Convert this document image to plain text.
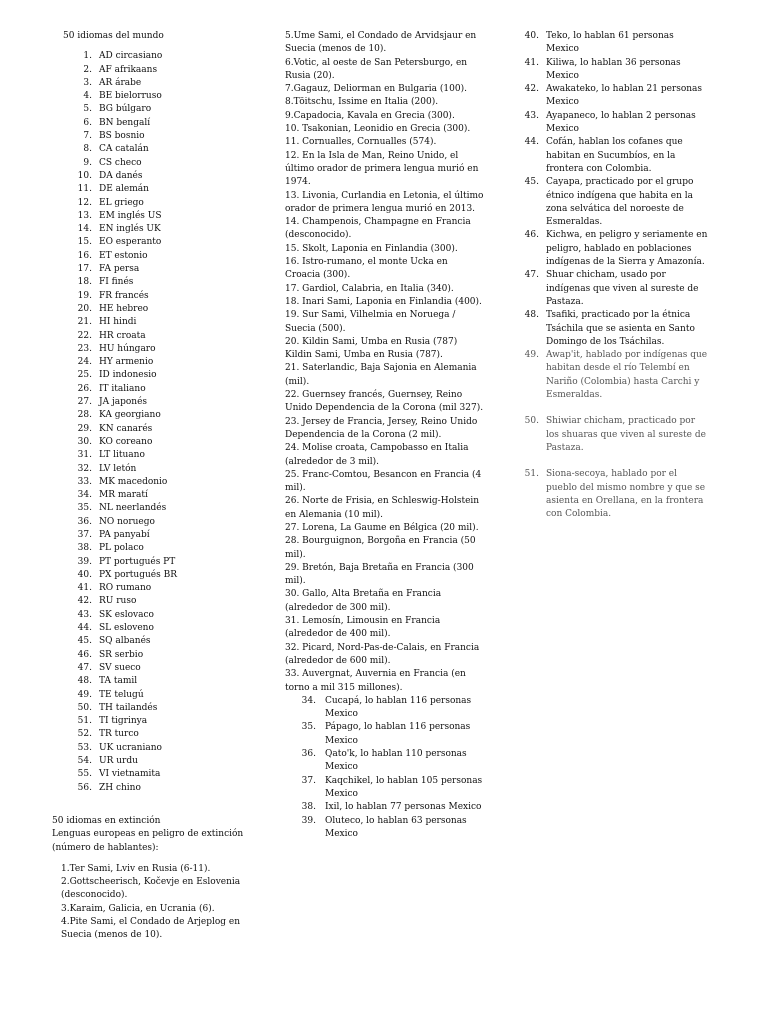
50 idiomas del mundo
1. AD circasiano
2. AF afrikaans
3. AR árabe
4. BE bielorruso
5. BG búlgaro
6. BN bengalí
7. BS bosnio
8. CA catalán
9. CS checo
10. DA danés
11. DE alemán
12. EL griego
13. EM inglés US
14. EN inglés UK
15. EO esperanto
16. ET estonio
17. FA persa
18. FI finés
19. FR francés
20. HE hebreo
21. HI hindi
22. HR croata
23. HU húngaro
24. HY armenio
25. ID indonesio
26. IT italiano
27. JA japonés
28. KA georgiano
29. KN canarés
30. KO coreano
31. LT lituano
32. LV letón
33. MK macedonio
34. MR maratí
35. NL neerlandés
36. NO noruego
37. PA panyabí
38. PL polaco
39. PT portugués PT
40. PX portugués BR
41. RO rumano
42. RU ruso
43. SK eslovaco
44. SL esloveno
45. SQ albanés
46. SR serbio
47. SV sueco
48. TA tamil
49. TE telugú
50. TH tailandés
51. TI tigrinya
52. TR turco
53. UK ucraniano
54. UR urdu
55. VI vietnamita
56. ZH chino
50 idiomas en extinción
Lenguas europeas en peligro de extinción
(número de hablantes):
1.Ter Sami, Lviv en Rusia (6-11).
2.Gottscheerisch, Kočevje en Eslovenia (desconocido).
3.Karaim, Galicia, en Ucrania (6).
4.Pite Sami, el Condado de Arjeplog en Suecia (menos de 10).
5.Ume Sami, el Condado de Arvidsjaur en Suecia (menos de 10).
6.Votic, al oeste de San Petersburgo, en Rusia (20).
7.Gagauz, Deliorman en Bulgaria (100).
8.Töitschu, Issime en Italia (200).
9.Capadocia, Kavala en Grecia (300).
10. Tsakonian, Leonidio en Grecia (300).
11. Cornualles, Cornualles (574).
12. En la Isla de Man, Reino Unido, el último orador de primera lengua murió en 1974.
13. Livonia, Curlandia en Letonia, el último orador de primera lengua murió en 2013.
14. Champenois, Champagne en Francia (desconocido).
15. Skolt, Laponia en Finlandia (300).
16. Istro-rumano, el monte Ucka en Croacia (300).
17. Gardiol, Calabria, en Italia (340).
18. Inari Sami, Laponia en Finlandia (400).
19. Sur Sami, Vilhelmia en Noruega / Suecia (500).
20. Kildin Sami, Umba en Rusia (787) Kildin Sami, Umba en Rusia (787).
21. Saterlandic, Baja Sajonia en Alemania (mil).
22. Guernsey francés, Guernsey, Reino Unido Dependencia de la Corona (mil 327).
23. Jersey de Francia, Jersey, Reino Unido Dependencia de la Corona (2 mil).
24. Molise croata, Campobasso en Italia (alrededor de 3 mil).
25. Franc-Comtou, Besancon en Francia (4 mil).
26. Norte de Frisia, en Schleswig-Holstein en Alemania (10 mil).
27. Lorena, La Gaume en Bélgica (20 mil).
28. Bourguignon, Borgoña en Francia (50 mil).
29. Bretón, Baja Bretaña en Francia (300 mil).
30. Gallo, Alta Bretaña en Francia (alrededor de 300 mil).
31. Lemosín, Limousin en Francia (alrededor de 400 mil).
32. Picard, Nord-Pas-de-Calais, en Francia (alrededor de 600 mil).
33. Auvergnat, Auvernia en Francia (en torno a mil 315 millones).
34.	Cucapá, lo hablan 116 personas Mexico
35.	Pápago, lo hablan 116 personas Mexico
36.	Qato'k, lo hablan 110 personas Mexico
37.	Kaqchikel, lo hablan 105 personas Mexico
38.	Ixil, lo hablan 77 personas Mexico
39.	Oluteco, lo hablan 63 personas Mexico
40. Teko, lo hablan 61 personas Mexico
41. Kiliwa, lo hablan 36 personas Mexico
42. Awakateko, lo hablan 21 personas Mexico
43. Ayapaneco, lo hablan 2 personas Mexico
44. Cofán, hablan los cofanes que habitan en Sucumbíos, en la frontera con Colombia.
45. Cayapa, practicado por el grupo étnico indígena que habita en la zona selvática del noroeste de Esmeraldas.
46. Kichwa, en peligro y seriamente en peligro, hablado en poblaciones indígenas de la Sierra y Amazonía.
47. Shuar chicham, usado por indígenas que viven al sureste de Pastaza.
48. Tsafiki, practicado por la étnica Tsáchila que se asienta en Santo Domingo de los Tsáchilas.
49. Awap'it, hablado por indígenas que habitan desde el río Telembí en Nariño (Colombia) hasta Carchi y Esmeraldas.
50. Shiwiar chicham, practicado por los shuaras que viven al sureste de Pastaza.
51. Siona-secoya, hablado por el pueblo del mismo nombre y que se asienta en Orellana, en la frontera con Colombia.
